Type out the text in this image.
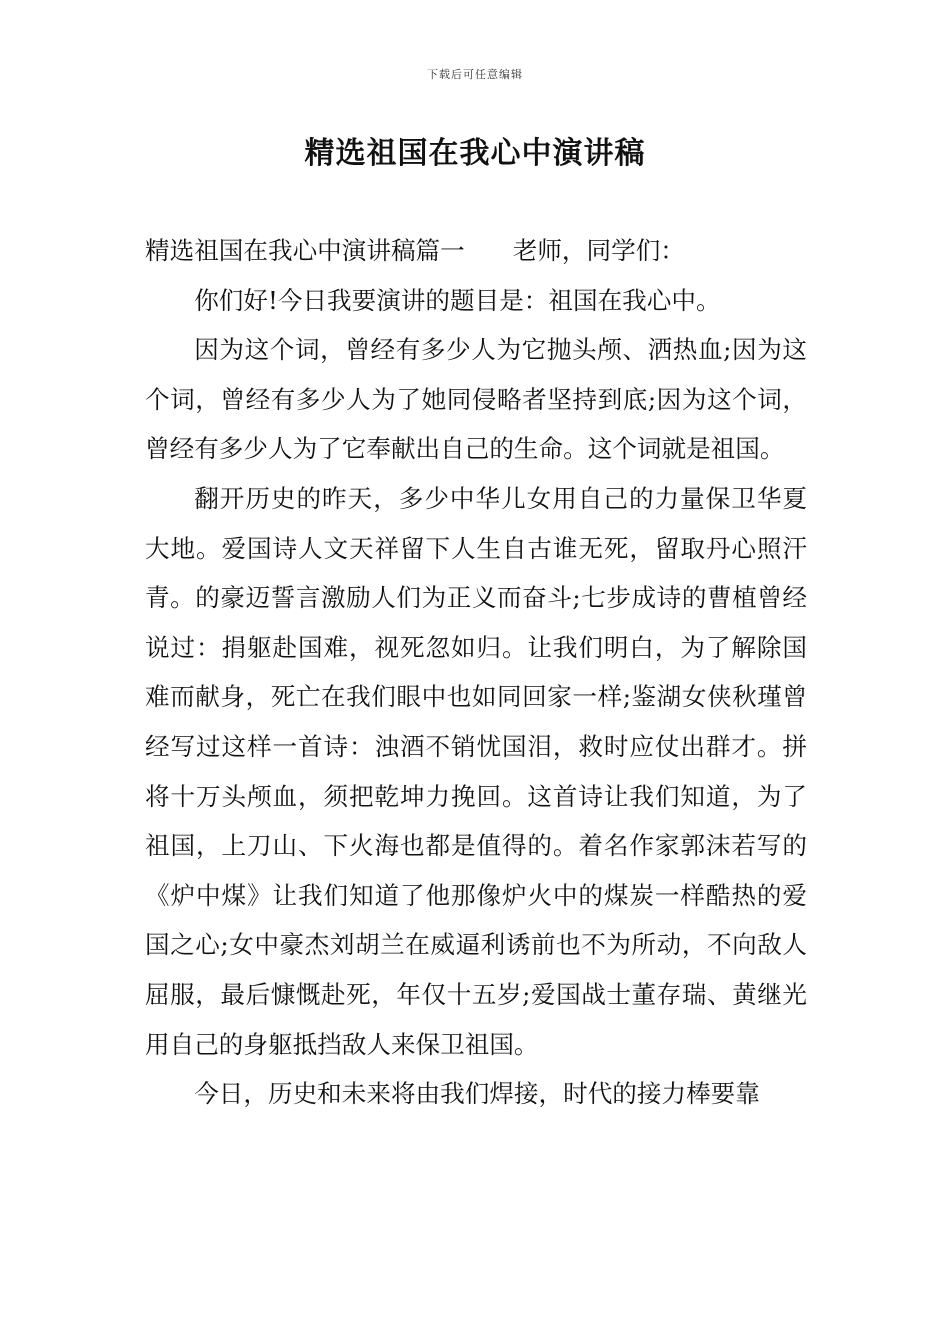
下载后可任意编辑
精选祖国在我心中演讲稿

精选祖国在我心中演讲稿篇一 老师，同学们：

你们好!今日我要演讲的题目是：祖国在我心中。

因为这个词，曾经有多少人为它抛头颅、洒热血;因为这个词，曾经有多少人为了她同侵略者坚持到底;因为这个词，曾经有多少人为了它奉献出自己的生命。这个词就是祖国。

翻开历史的昨天，多少中华儿女用自己的力量保卫华夏大地。爱国诗人文天祥留下人生自古谁无死，留取丹心照汗青。的豪迈誓言激励人们为正义而奋斗;七步成诗的曹植曾经说过：捐躯赴国难，视死忽如归。让我们明白，为了解除国难而献身，死亡在我们眼中也如同回家一样;鉴湖女侠秋瑾曾经写过这样一首诗：浊酒不销忧国泪，救时应仗出群才。拼将十万头颅血，须把乾坤力挽回。这首诗让我们知道，为了祖国，上刀山、下火海也都是值得的。着名作家郭沫若写的《炉中煤》让我们知道了他那像炉火中的煤炭一样酷热的爱国之心;女中豪杰刘胡兰在威逼利诱前也不为所动，不向敌人屈服，最后慷慨赴死，年仅十五岁;爱国战士董存瑞、黄继光用自己的身躯抵挡敌人来保卫祖国。

今日，历史和未来将由我们焊接，时代的接力棒要靠
